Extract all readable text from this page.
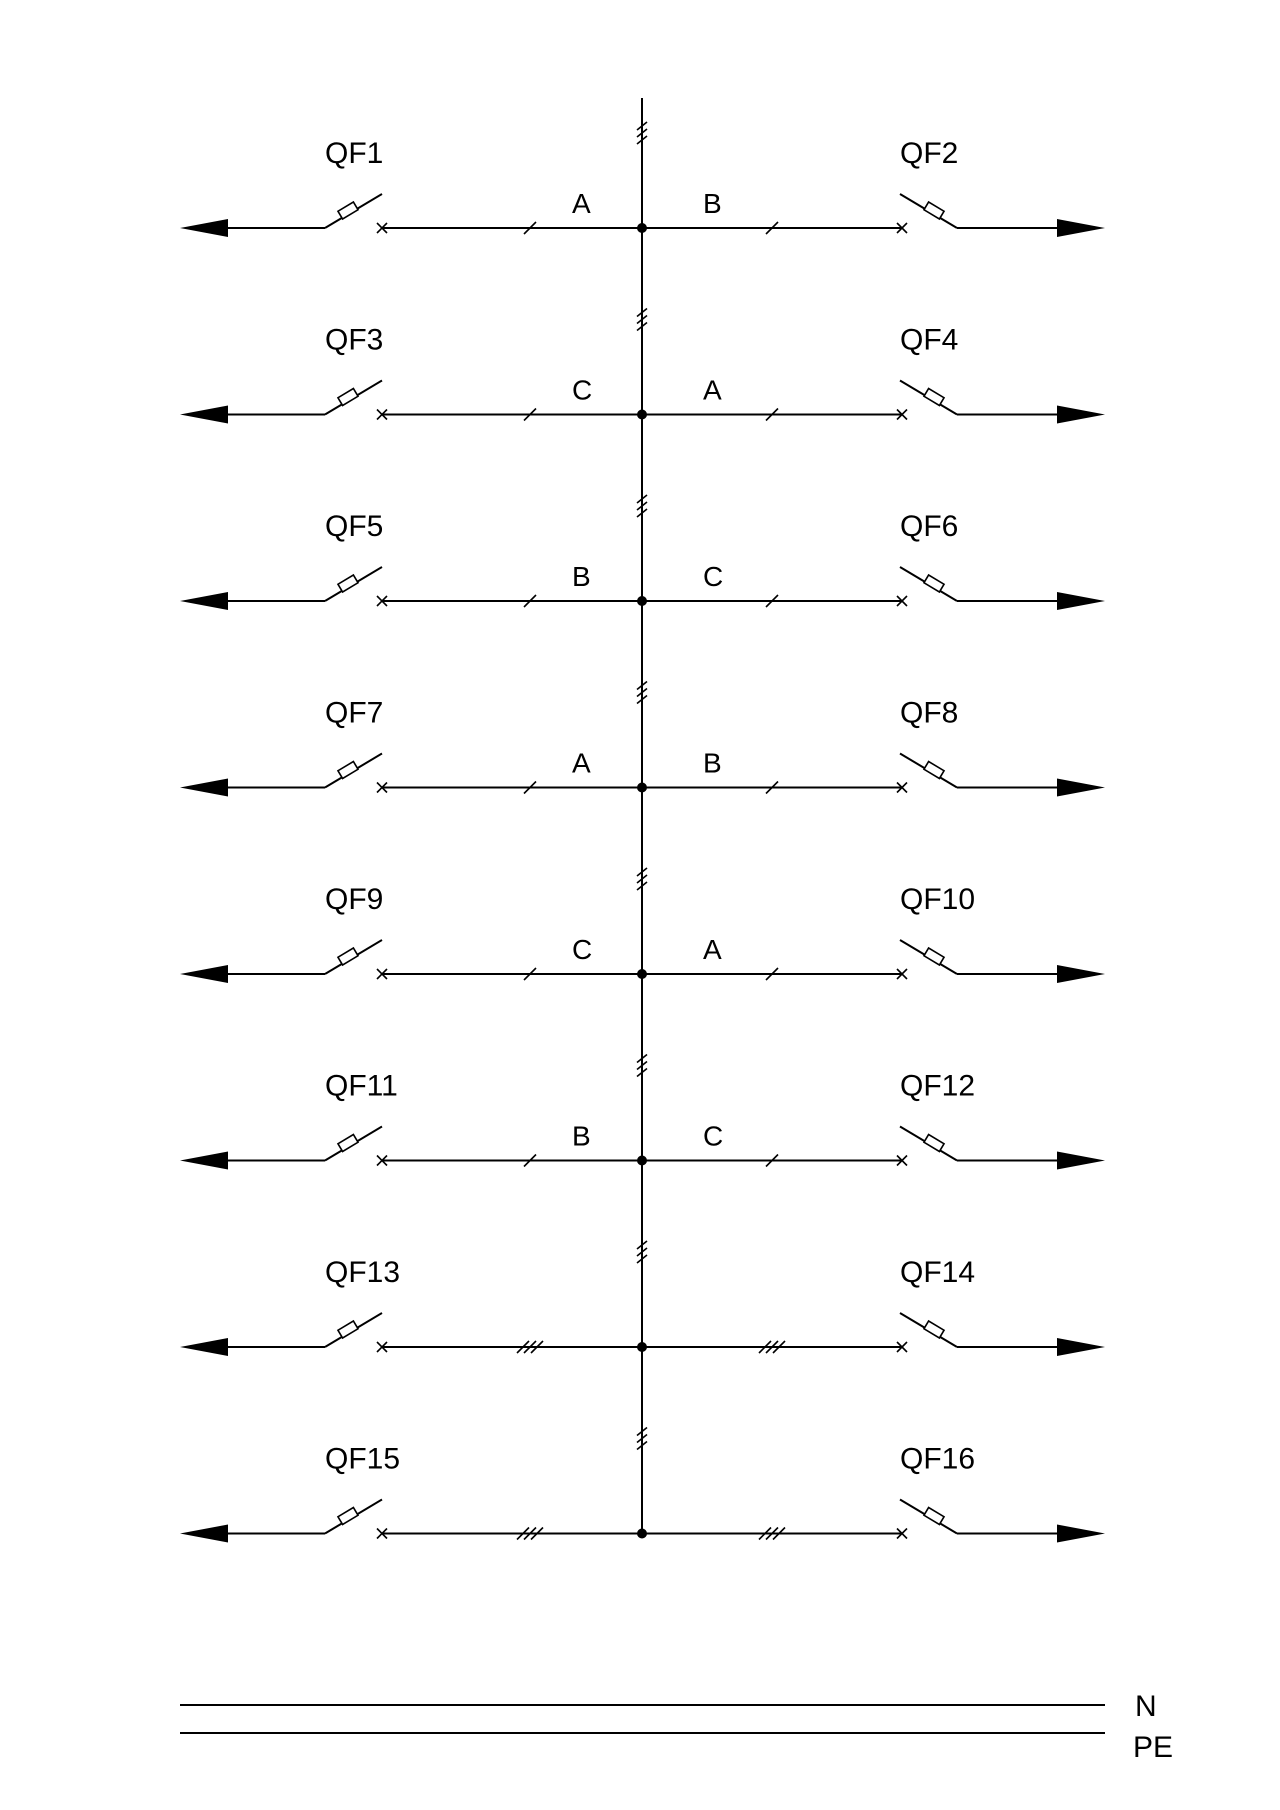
QF1	QF2
A	B
QF3	QF4
C	A
QF5	QF6
B	C
QF7	QF8
A	B
QF9	QF10
C	A
QF11	QF12
B	C
QF13	QF14
QF15	QF16
N
PE
